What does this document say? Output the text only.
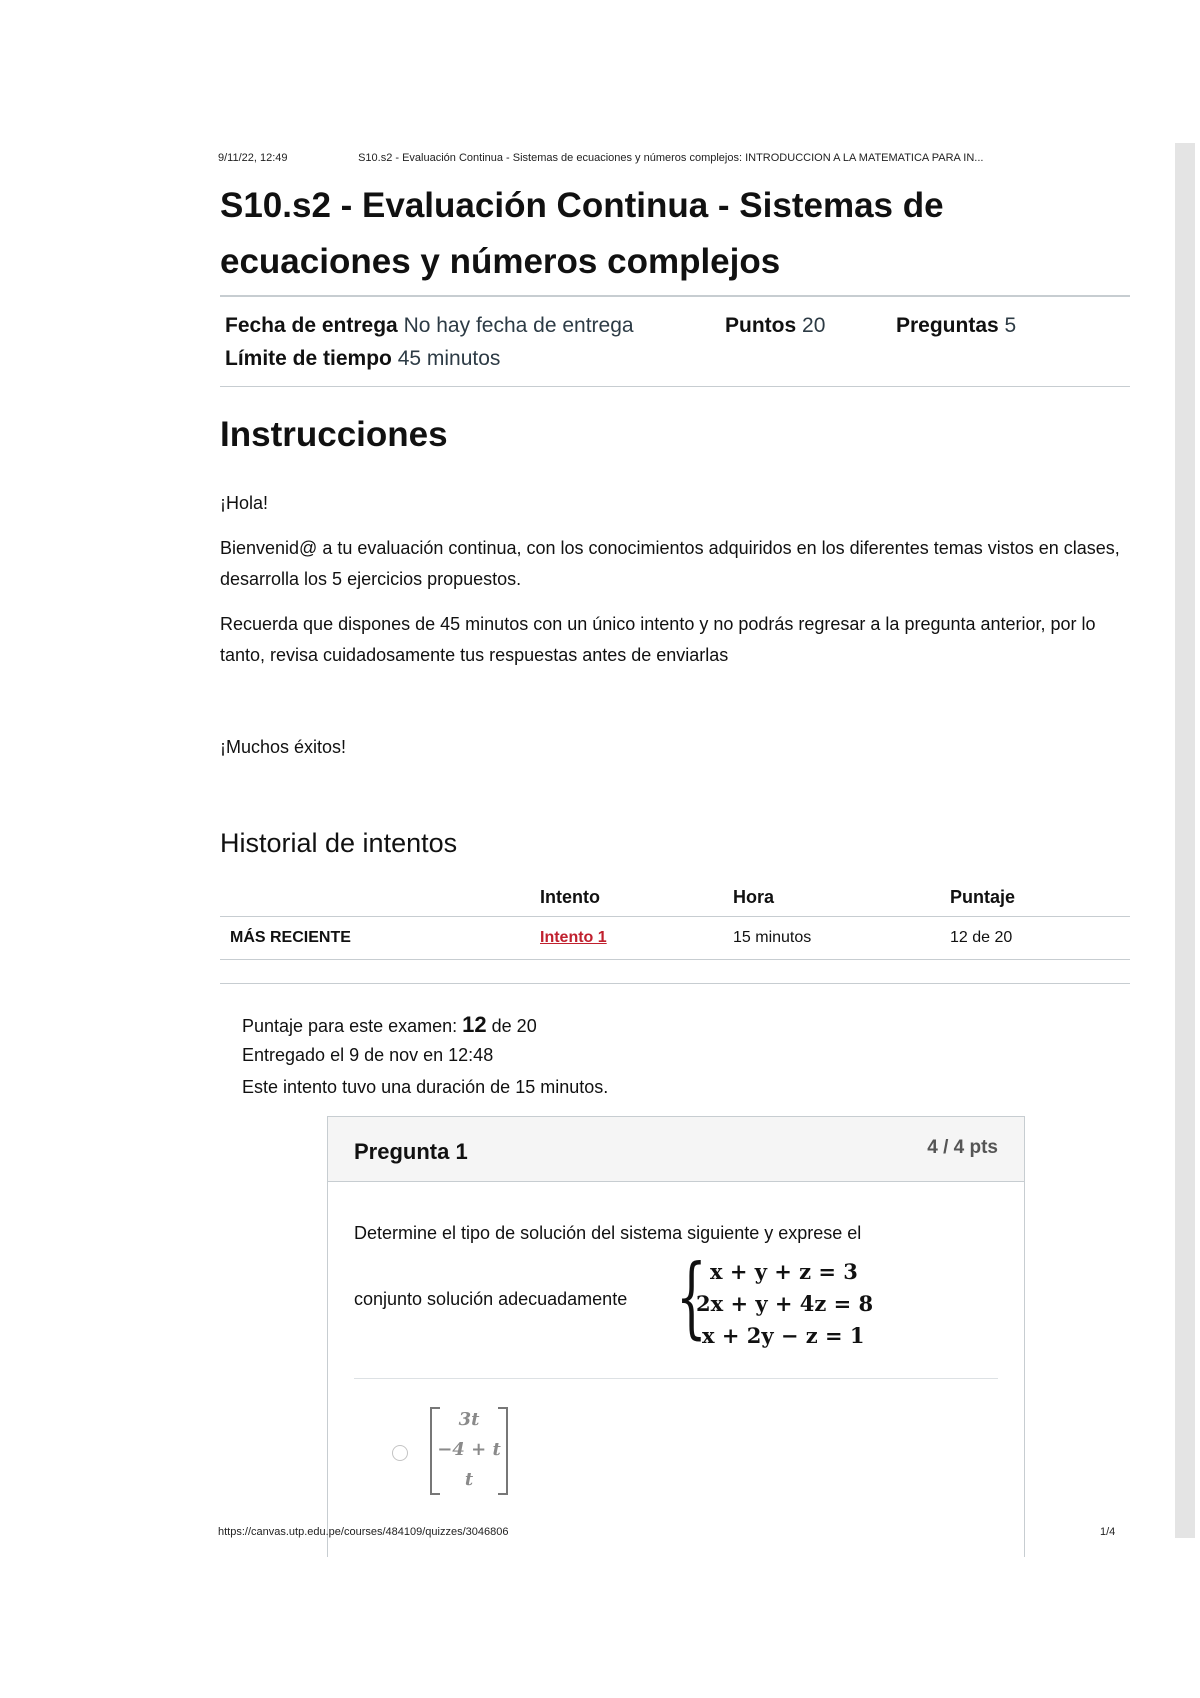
9/11/22, 12:49	S10.s2 - Evaluación Continua - Sistemas de ecuaciones y números complejos: INTRODUCCION A LA MATEMATICA PARA IN...
S10.s2 - Evaluación Continua - Sistemas de ecuaciones y números complejos
Fecha de entrega No hay fecha de entrega	Puntos 20	Preguntas 5
Límite de tiempo 45 minutos
Instrucciones

¡Hola!

Bienvenid@ a tu evaluación continua, con los conocimientos adquiridos en los diferentes temas vistos en clases, desarrolla los 5 ejercicios propuestos.

Recuerda que dispones de 45 minutos con un único intento y no podrás regresar a la pregunta anterior, por lo tanto, revisa cuidadosamente tus respuestas antes de enviarlas

¡Muchos éxitos!

Historial de intentos
	Intento	Hora	Puntaje
MÁS RECIENTE	Intento 1	15 minutos	12 de 20
Puntaje para este examen: 12 de 20
Entregado el 9 de nov en 12:48
Este intento tuvo una duración de 15 minutos.
Pregunta 1	4 / 4 pts
Determine el tipo de solución del sistema siguiente y exprese el
conjunto solución adecuadamente { x + y + z = 3
2x + y + 4z = 8
x + 2y − z = 1
3t
−4 + t
t
https://canvas.utp.edu.pe/courses/484109/quizzes/3046806	1/4
